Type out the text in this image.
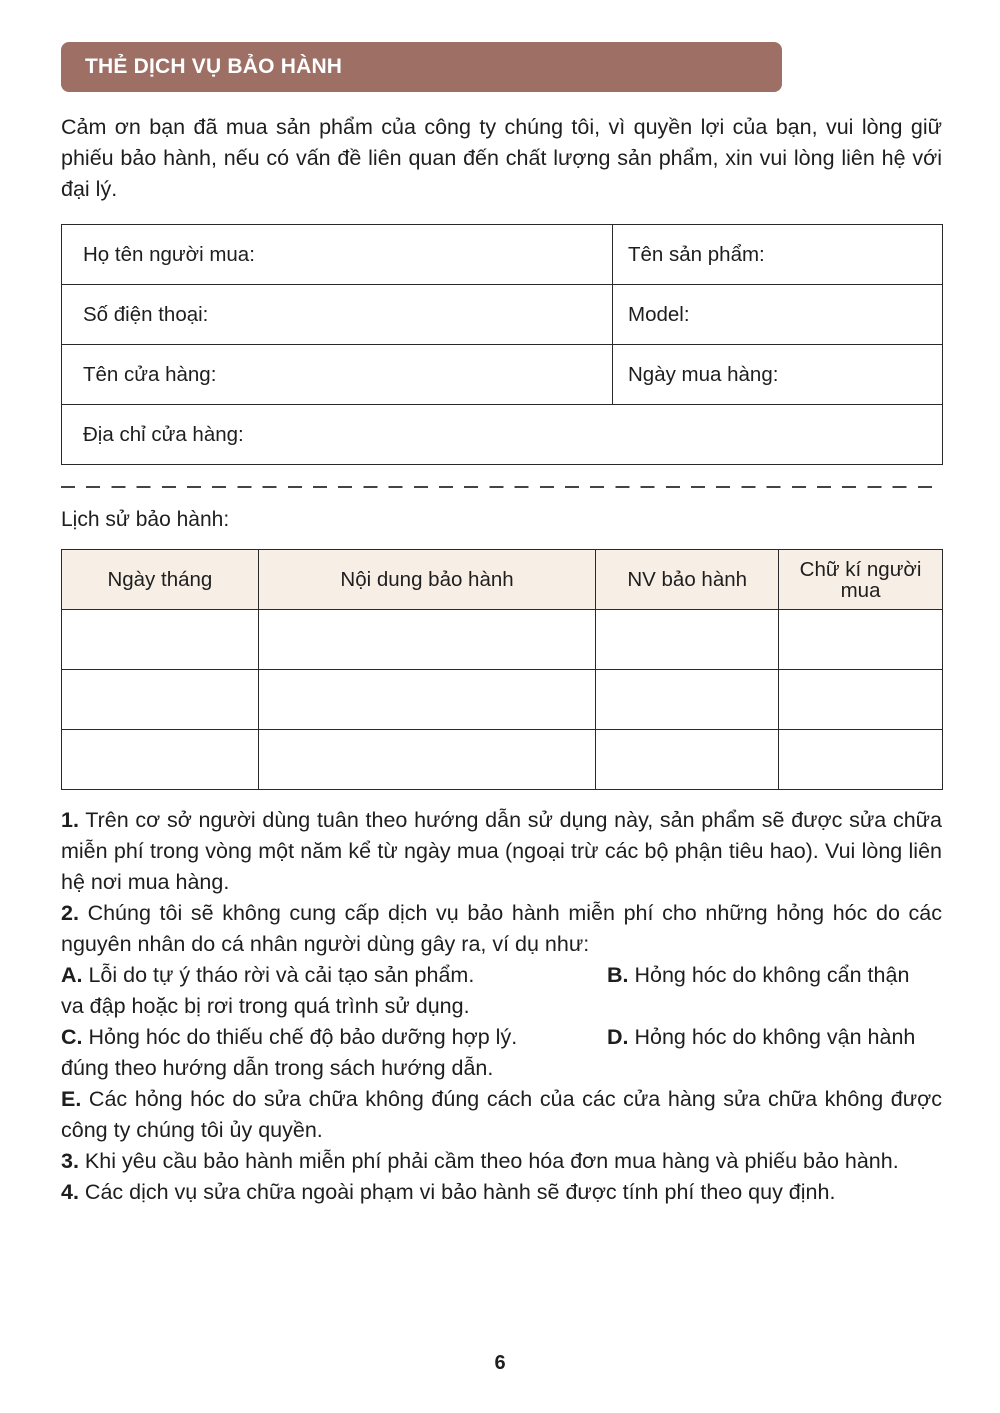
THẺ DỊCH VỤ BẢO HÀNH

Cảm ơn bạn đã mua sản phẩm của công ty chúng tôi, vì quyền lợi của bạn, vui lòng giữ phiếu bảo hành, nếu có vấn đề liên quan đến chất lượng sản phẩm, xin vui lòng liên hệ với đại lý.

Họ tên người mua:	Tên sản phẩm:
Số điện thoại:	Model:
Tên cửa hàng:	Ngày mua hàng:
Địa chỉ cửa hàng:	
Lịch sử bảo hành:
Ngày tháng	Nội dung bảo hành	NV bảo hành	Chữ kí người mua

1. Trên cơ sở người dùng tuân theo hướng dẫn sử dụng này, sản phẩm sẽ được sửa chữa miễn phí trong vòng một năm kể từ ngày mua (ngoại trừ các bộ phận tiêu hao). Vui lòng liên hệ nơi mua hàng.

2. Chúng tôi sẽ không cung cấp dịch vụ bảo hành miễn phí cho những hỏng hóc do các nguyên nhân do cá nhân người dùng gây ra, ví dụ như:

A. Lỗi do tự ý tháo rời và cải tạo sản phẩm.	B. Hỏng hóc do không cẩn thận
va đập hoặc bị rơi trong quá trình sử dụng.
C. Hỏng hóc do thiếu chế độ bảo dưỡng hợp lý.	D. Hỏng hóc do không vận hành
đúng theo hướng dẫn trong sách hướng dẫn.

E. Các hỏng hóc do sửa chữa không đúng cách của các cửa hàng sửa chữa không được công ty chúng tôi ủy quyền.

3. Khi yêu cầu bảo hành miễn phí phải cầm theo hóa đơn mua hàng và phiếu bảo hành.

4. Các dịch vụ sửa chữa ngoài phạm vi bảo hành sẽ được tính phí theo quy định.

6
